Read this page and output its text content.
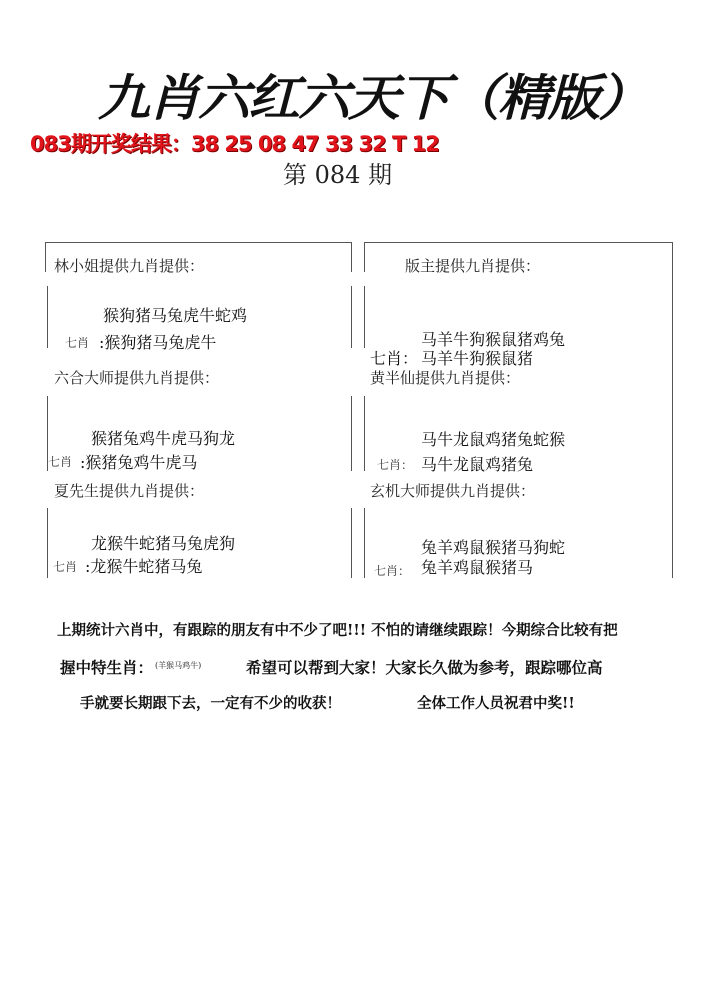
九肖六红六天下（精版）
083期开奖结果：38 25 08 47 33 32 T 12
第 084 期
林小姐提供九肖提供：
猴狗猪马兔虎牛蛇鸡
七肖 :猴狗猪马兔虎牛
六合大师提供九肖提供：
猴猪兔鸡牛虎马狗龙
七肖 :猴猪兔鸡牛虎马
夏先生提供九肖提供：
龙猴牛蛇猪马兔虎狗
七肖 :龙猴牛蛇猪马兔
版主提供九肖提供：
马羊牛狗猴鼠猪鸡兔
七肖： 马羊牛狗猴鼠猪
黄半仙提供九肖提供：
马牛龙鼠鸡猪兔蛇猴
七肖： 马牛龙鼠鸡猪兔
玄机大师提供九肖提供：
兔羊鸡鼠猴猪马狗蛇
七肖： 兔羊鸡鼠猴猪马
上期统计六肖中，有跟踪的朋友有中不少了吧!!! 不怕的请继续跟踪！今期综合比较有把
握中特生肖： (羊猴马鸡牛)	希望可以帮到大家！大家长久做为参考，跟踪哪位高
手就要长期跟下去，一定有不少的收获！	全体工作人员祝君中奖!!
